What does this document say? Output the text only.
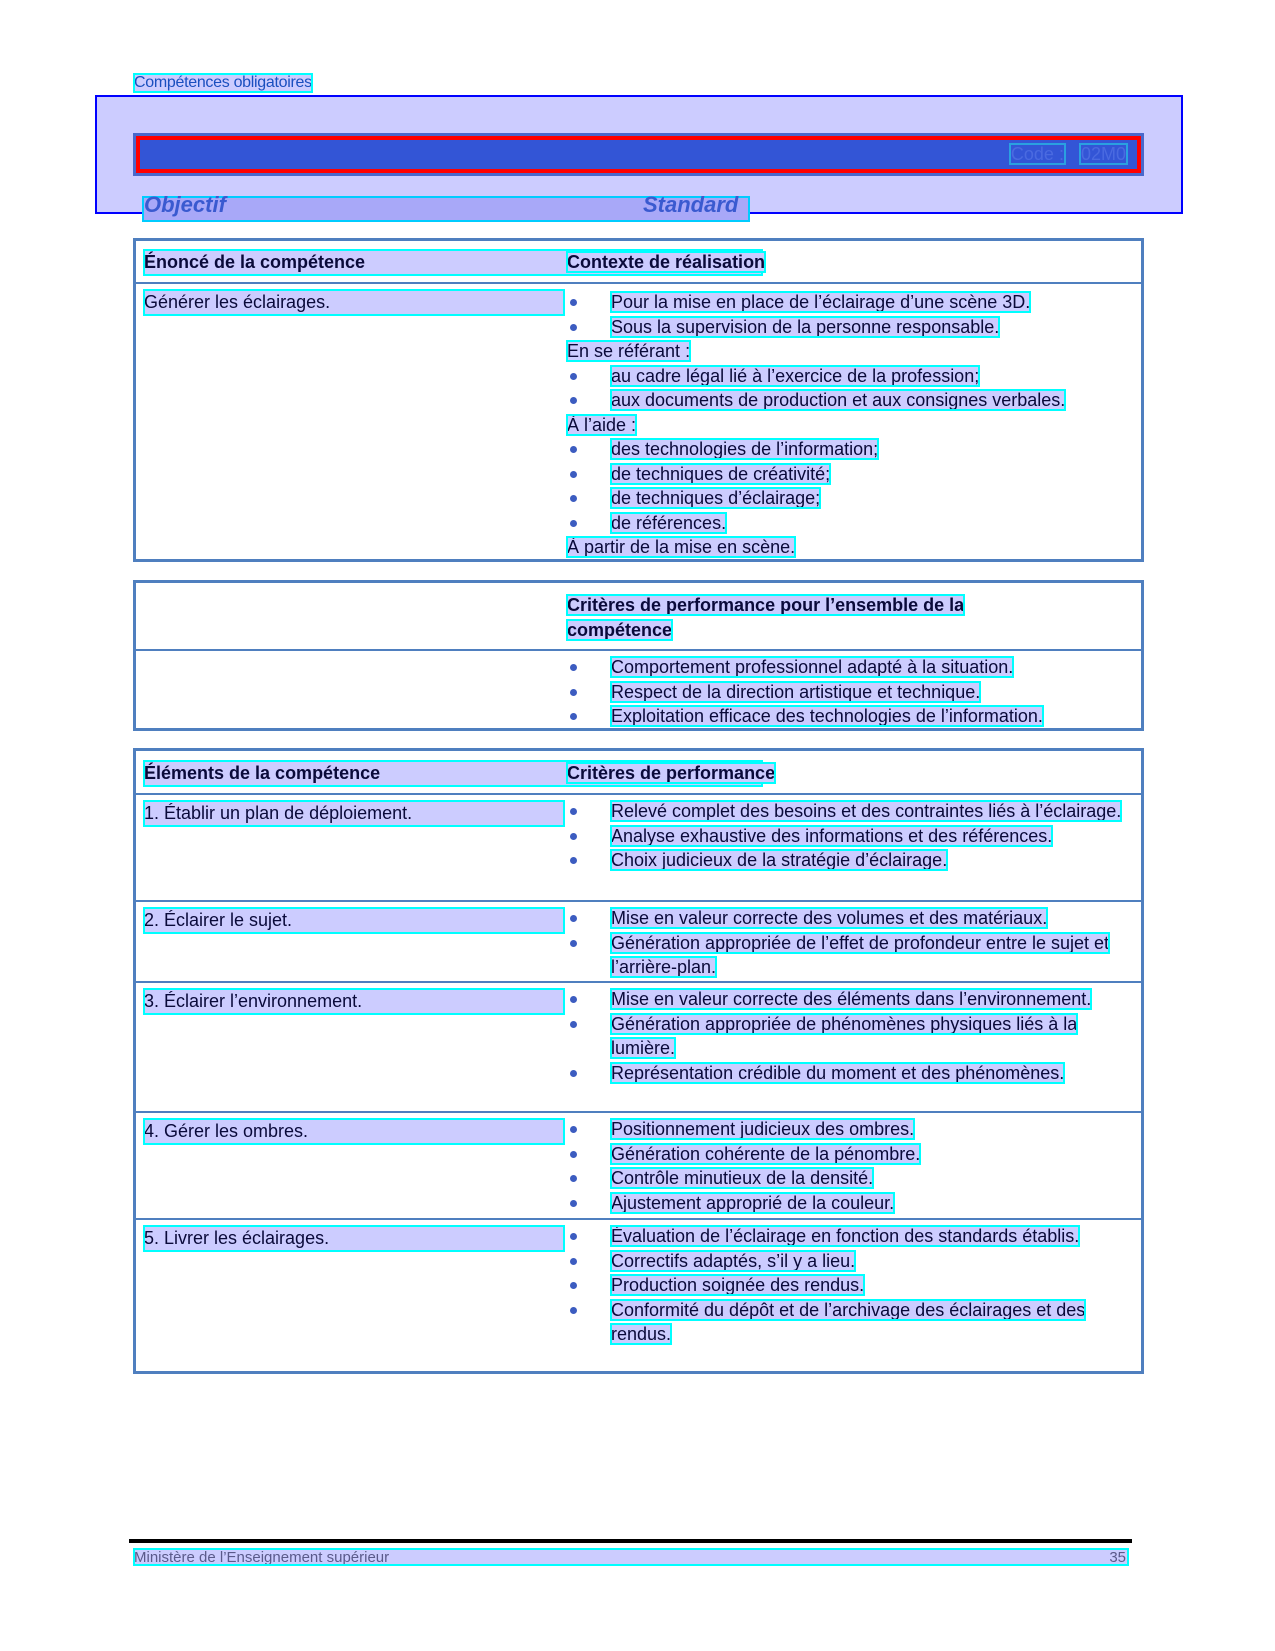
Compétences obligatoires
Code : 02M0
Objectif	Standard
Énoncé de la compétence	Contexte de réalisation
Générer les éclairages.	Pour la mise en place de l’éclairage d’une scène 3D.
Sous la supervision de la personne responsable.
En se référant :
au cadre légal lié à l’exercice de la profession;
aux documents de production et aux consignes verbales.
À l’aide :
des technologies de l’information;
de techniques de créativité;
de techniques d’éclairage;
de références.
À partir de la mise en scène.
Critères de performance pour l’ensemble de la compétence
Comportement professionnel adapté à la situation.
Respect de la direction artistique et technique.
Exploitation efficace des technologies de l’information.
Éléments de la compétence	Critères de performance
1. Établir un plan de déploiement.	Relevé complet des besoins et des contraintes liés à l’éclairage.
Analyse exhaustive des informations et des références.
Choix judicieux de la stratégie d’éclairage.
2. Éclairer le sujet.	Mise en valeur correcte des volumes et des matériaux.
Génération appropriée de l’effet de profondeur entre le sujet et l’arrière-plan.
3. Éclairer l’environnement.	Mise en valeur correcte des éléments dans l’environnement.
Génération appropriée de phénomènes physiques liés à la lumière.
Représentation crédible du moment et des phénomènes.
4. Gérer les ombres.	Positionnement judicieux des ombres.
Génération cohérente de la pénombre.
Contrôle minutieux de la densité.
Ajustement approprié de la couleur.
5. Livrer les éclairages.	Évaluation de l’éclairage en fonction des standards établis.
Correctifs adaptés, s’il y a lieu.
Production soignée des rendus.
Conformité du dépôt et de l’archivage des éclairages et des rendus.
Ministère de l’Enseignement supérieur	35
